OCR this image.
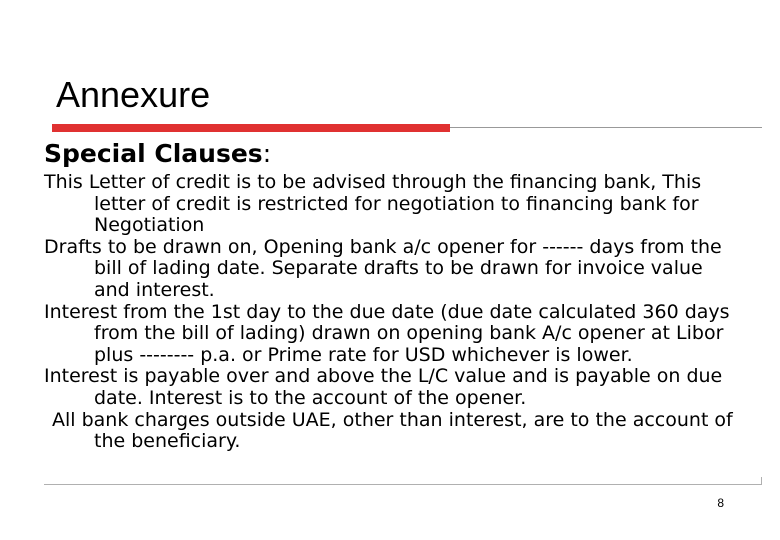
Annexure
Special Clauses:

This Letter of credit is to be advised through the financing bank, This letter of credit is restricted for negotiation to financing bank for Negotiation

Drafts to be drawn on, Opening bank a/c opener for ------ days from the bill of lading date. Separate drafts to be drawn for invoice value and interest.

Interest from the 1st day to the due date (due date calculated 360 days from the bill of lading) drawn on opening bank A/c opener at Libor plus -------- p.a. or Prime rate for USD whichever is lower.

Interest is payable over and above the L/C value and is payable on due date. Interest is to the account of the opener.

All bank charges outside UAE, other than interest, are to the account of the beneficiary.

8
